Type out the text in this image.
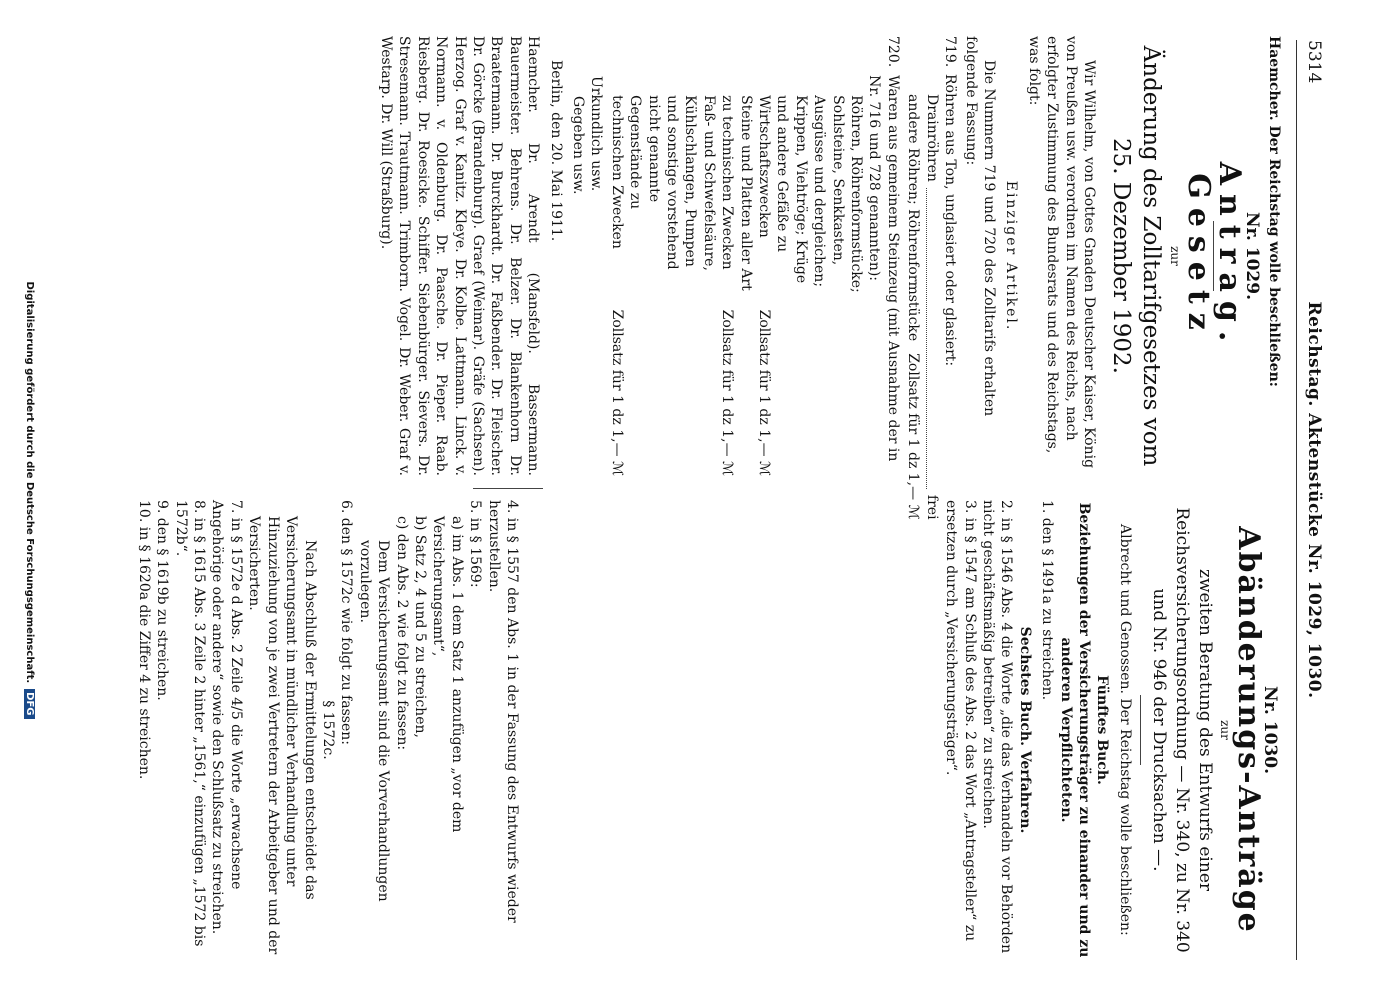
5314
Reichstag. Aktenstücke Nr. 1029, 1030.

Haemcher. Der Reichstag wolle beschließen:

Nr. 1029.
Antrag.
Gesetz
zur
Änderung des Zolltarifgesetzes vom 25. Dezember 1902.

Wir Wilhelm, von Gottes Gnaden Deutscher Kaiser, König von Preußen usw. verordnen im Namen des Reichs, nach erfolgter Zustimmung des Bundesrats und des Reichstags, was folgt:

Einziger Artikel.

Die Nummern 719 und 720 des Zolltarifs erhalten folgende Fassung:

719.

Röhren aus Ton, unglasiert oder glasiert:

Drainröhren
frei
andere Röhren; Röhrenformstücke
Zollsatz für 1 dz 1,— ℳ
720.

Waren aus gemeinem Steinzeug (mit Ausnahme der in Nr. 716 und 728 genannten):

Röhren, Röhrenformstücke; Sohlsteine, Senkkasten, Ausgüsse und dergleichen; Krippen, Viehtröge; Krüge und andere Gefäße zu Wirtschaftszwecken
Zollsatz für 1 dz 1,— ℳ
Steine und Platten aller Art zu technischen Zwecken
Zollsatz für 1 dz 1,— ℳ
Faß- und Schwefelsäure, Kühlschlangen, Pumpen und sonstige vorstehend nicht genannte Gegenstände zu technischen Zwecken
Zollsatz für 1 dz 1,— ℳ

Urkundlich usw.

Gegeben usw.

Berlin, den 20. Mai 1911.

Haemcher. Dr. Arendt (Mansfeld). Bassermann. Bauermeister. Behrens. Dr. Belzer. Dr. Blankenhorn Dr. Braatermann. Dr. Burckhardt. Dr. Faßbender. Dr. Fleischer. Dr. Görcke (Brandenburg). Graef (Weimar). Gräfe (Sachsen). Herzog. Graf v. Kanitz. Kleye. Dr. Kolbe. Lattmann. Linck. v. Normann. v. Oldenburg. Dr. Paasche. Dr. Pieper. Raab. Riesberg. Dr. Roesicke. Schiffer. Siebenbürger. Sievers. Dr. Stresemann. Trautmann. Trimborn. Vogel. Dr. Weber. Graf v. Westarp. Dr. Will (Straßburg).

Nr. 1030.
Abänderungs-Anträge
zur
zweiten Beratung des Entwurfs einer Reichsversicherungsordnung — Nr. 340, zu Nr. 340 und Nr. 946 der Drucksachen —.

Albrecht und Genossen. Der Reichstag wolle beschließen:

Fünftes Buch.
Beziehungen der Versicherungsträger zu einander und zu anderen Verpflichteten.

1. den § 1491a zu streichen.

Sechstes Buch. Verfahren.

2. in § 1546 Abs. 4 die Worte „die das Verhandeln vor Behörden nicht geschäftsmäßig betreiben“ zu streichen.

3. in § 1547 am Schluß des Abs. 2 das Wort „Antragsteller“ zu ersetzen durch „Versicherungsträger“.

4. in § 1557 den Abs. 1 in der Fassung des Entwurfs wieder herzustellen.

5. in § 1569:

a) im Abs. 1 dem Satz 1 anzufügen „vor dem Versicherungsamt“,

b) Satz 2, 4 und 5 zu streichen,

c) den Abs. 2 wie folgt zu fassen:

Dem Versicherungsamt sind die Vorverhandlungen vorzulegen.

6. den § 1572c wie folgt zu fassen:

§ 1572c.

Nach Abschluß der Ermittelungen entscheidet das Versicherungsamt in mündlicher Verhandlung unter Hinzuziehung von je zwei Vertretern der Arbeitgeber und der Versicherten.

7. in § 1572e d Abs. 2 Zeile 4/5 die Worte „erwachsene Angehörige oder andere“ sowie den Schlußsatz zu streichen.

8. in § 1615 Abs. 3 Zeile 2 hinter „1561,“ einzufügen „1572 bis 1572b“.

9. den § 1619b zu streichen.

10. in § 1620a die Ziffer 4 zu streichen.

Digitalisierung gefördert durch die Deutsche Forschungsgemeinschaft.DFG
